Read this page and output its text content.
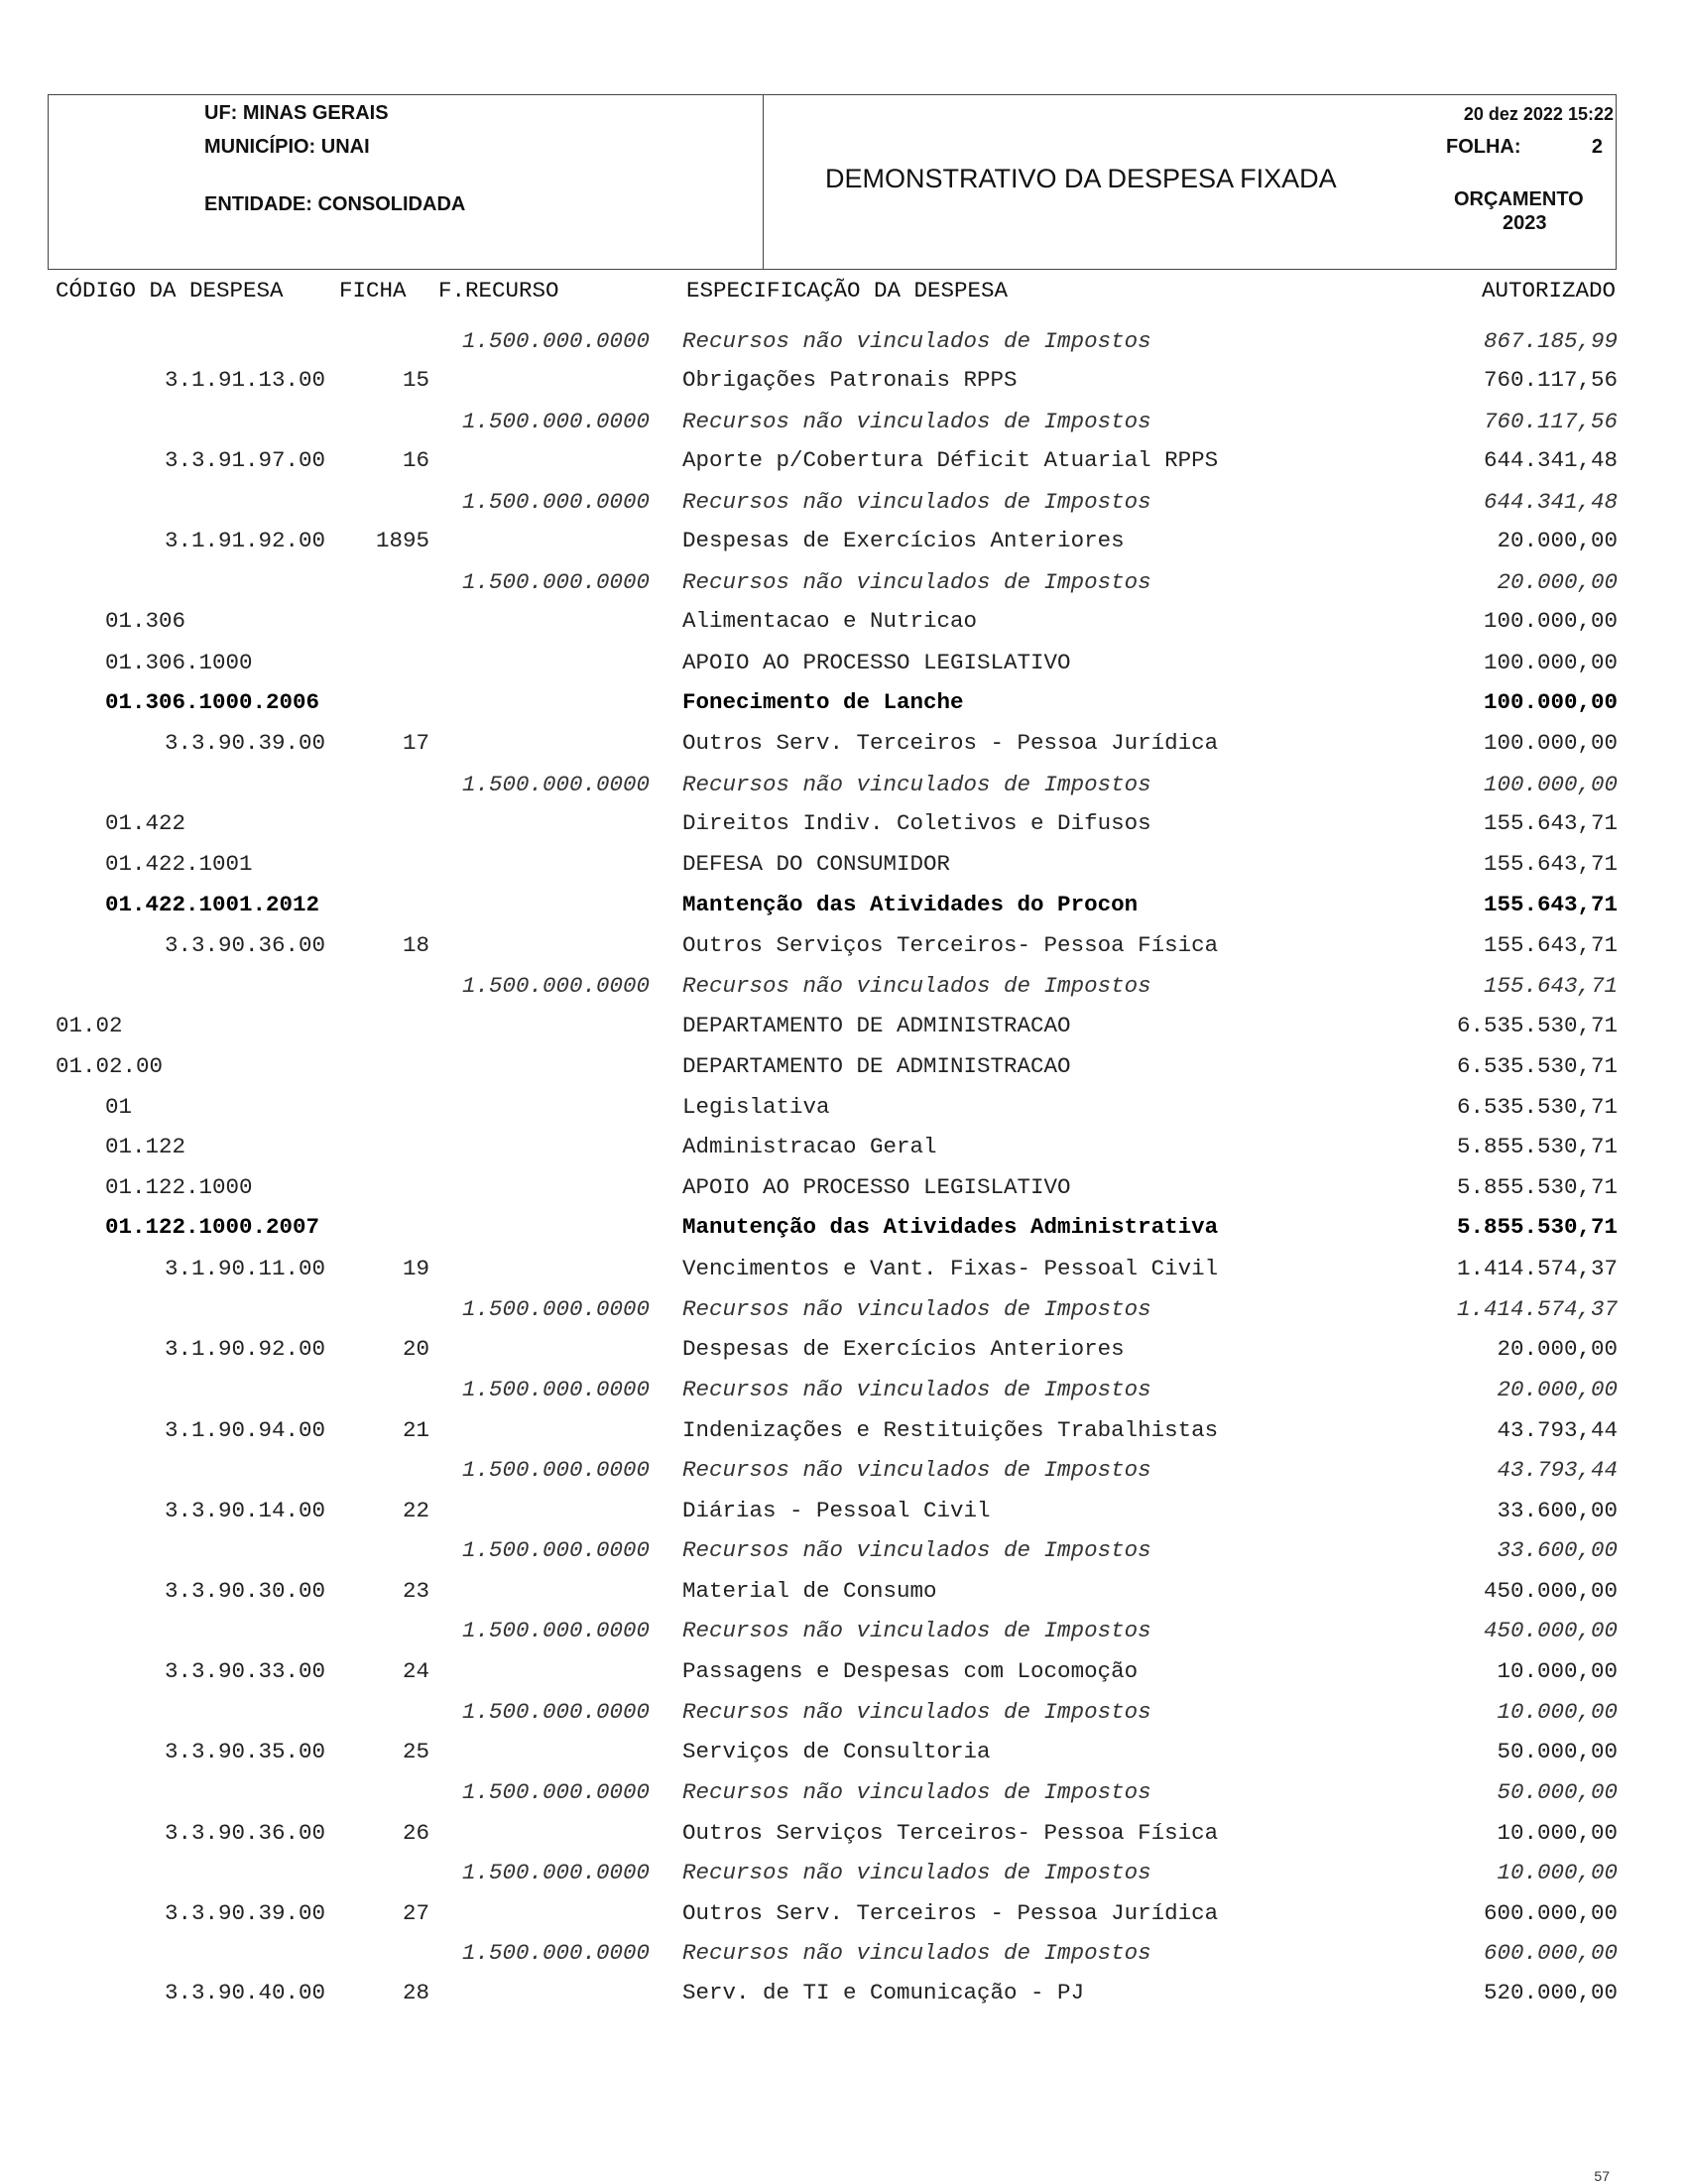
UF: MINAS GERAIS
MUNICÍPIO: UNAI
ENTIDADE: CONSOLIDADA
DEMONSTRATIVO DA DESPESA FIXADA
20 dez 2022 15:22
FOLHA:	2
ORÇAMENTO
2023
CÓDIGO DA DESPESA	FICHA F.RECURSO	ESPECIFICAÇÃO DA DESPESA	AUTORIZADO
1.500.000.0000 Recursos não vinculados de Impostos	867.185,99
3.1.91.13.00	15	Obrigações Patronais RPPS	760.117,56
1.500.000.0000 Recursos não vinculados de Impostos	760.117,56
3.3.91.97.00	16	Aporte p/Cobertura Déficit Atuarial RPPS	644.341,48
1.500.000.0000 Recursos não vinculados de Impostos	644.341,48
3.1.91.92.00 1895	Despesas de Exercícios Anteriores	20.000,00
1.500.000.0000 Recursos não vinculados de Impostos	20.000,00
01.306	Alimentacao e Nutricao	100.000,00
01.306.1000	APOIO AO PROCESSO LEGISLATIVO	100.000,00
01.306.1000.2006	Fonecimento de Lanche	100.000,00
3.3.90.39.00	17	Outros Serv. Terceiros - Pessoa Jurídica	100.000,00
1.500.000.0000 Recursos não vinculados de Impostos	100.000,00
01.422	Direitos Indiv. Coletivos e Difusos	155.643,71
01.422.1001	DEFESA DO CONSUMIDOR	155.643,71
01.422.1001.2012	Mantenção das Atividades do Procon	155.643,71
3.3.90.36.00	18	Outros Serviços Terceiros- Pessoa Física	155.643,71
1.500.000.0000 Recursos não vinculados de Impostos	155.643,71
01.02	DEPARTAMENTO DE ADMINISTRACAO	6.535.530,71
01.02.00	DEPARTAMENTO DE ADMINISTRACAO	6.535.530,71
01	Legislativa	6.535.530,71
01.122	Administracao Geral	5.855.530,71
01.122.1000	APOIO AO PROCESSO LEGISLATIVO	5.855.530,71
01.122.1000.2007	Manutenção das Atividades Administrativa	5.855.530,71
3.1.90.11.00	19	Vencimentos e Vant. Fixas- Pessoal Civil	1.414.574,37
1.500.000.0000 Recursos não vinculados de Impostos	1.414.574,37
3.1.90.92.00	20	Despesas de Exercícios Anteriores	20.000,00
1.500.000.0000 Recursos não vinculados de Impostos	20.000,00
3.1.90.94.00	21	Indenizações e Restituições Trabalhistas	43.793,44
1.500.000.0000 Recursos não vinculados de Impostos	43.793,44
3.3.90.14.00	22	Diárias - Pessoal Civil	33.600,00
1.500.000.0000 Recursos não vinculados de Impostos	33.600,00
3.3.90.30.00	23	Material de Consumo	450.000,00
1.500.000.0000 Recursos não vinculados de Impostos	450.000,00
3.3.90.33.00	24	Passagens e Despesas com Locomoção	10.000,00
1.500.000.0000 Recursos não vinculados de Impostos	10.000,00
3.3.90.35.00	25	Serviços de Consultoria	50.000,00
1.500.000.0000 Recursos não vinculados de Impostos	50.000,00
3.3.90.36.00	26	Outros Serviços Terceiros- Pessoa Física	10.000,00
1.500.000.0000 Recursos não vinculados de Impostos	10.000,00
3.3.90.39.00	27	Outros Serv. Terceiros - Pessoa Jurídica	600.000,00
1.500.000.0000 Recursos não vinculados de Impostos	600.000,00
3.3.90.40.00	28	Serv. de TI e Comunicação - PJ	520.000,00
57
